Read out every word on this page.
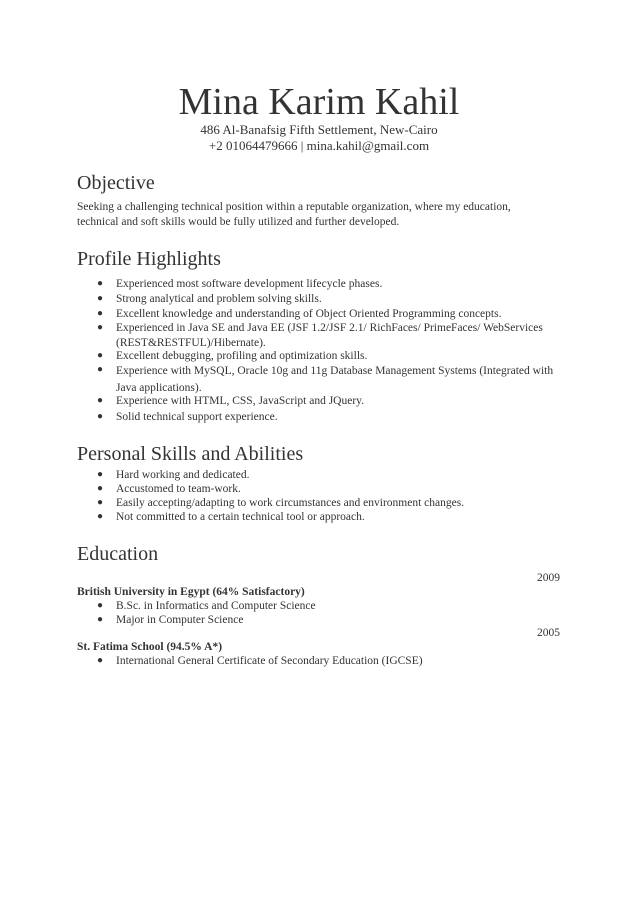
Mina Karim Kahil
486 Al-Banafsig Fifth Settlement, New-Cairo
+2 01064479666 | mina.kahil@gmail.com
Objective
Seeking a challenging technical position within a reputable organization, where my education, technical and soft skills would be fully utilized and further developed.
Profile Highlights
● Experienced most software development lifecycle phases.
● Strong analytical and problem solving skills.
● Excellent knowledge and understanding of Object Oriented Programming concepts.
● Experienced in Java SE and Java EE (JSF 1.2/JSF 2.1/ RichFaces/ PrimeFaces/ WebServices (REST&RESTFUL)/Hibernate).
● Excellent debugging, profiling and optimization skills.
● Experience with MySQL, Oracle 10g and 11g Database Management Systems (Integrated with Java applications).
● Experience with HTML, CSS, JavaScript and JQuery.
● Solid technical support experience.
Personal Skills and Abilities
● Hard working and dedicated.
● Accustomed to team-work.
● Easily accepting/adapting to work circumstances and environment changes.
● Not committed to a certain technical tool or approach.
Education
2009
British University in Egypt (64% Satisfactory)
● B.Sc. in Informatics and Computer Science
● Major in Computer Science
2005
St. Fatima School (94.5% A*)
● International General Certificate of Secondary Education (IGCSE)
